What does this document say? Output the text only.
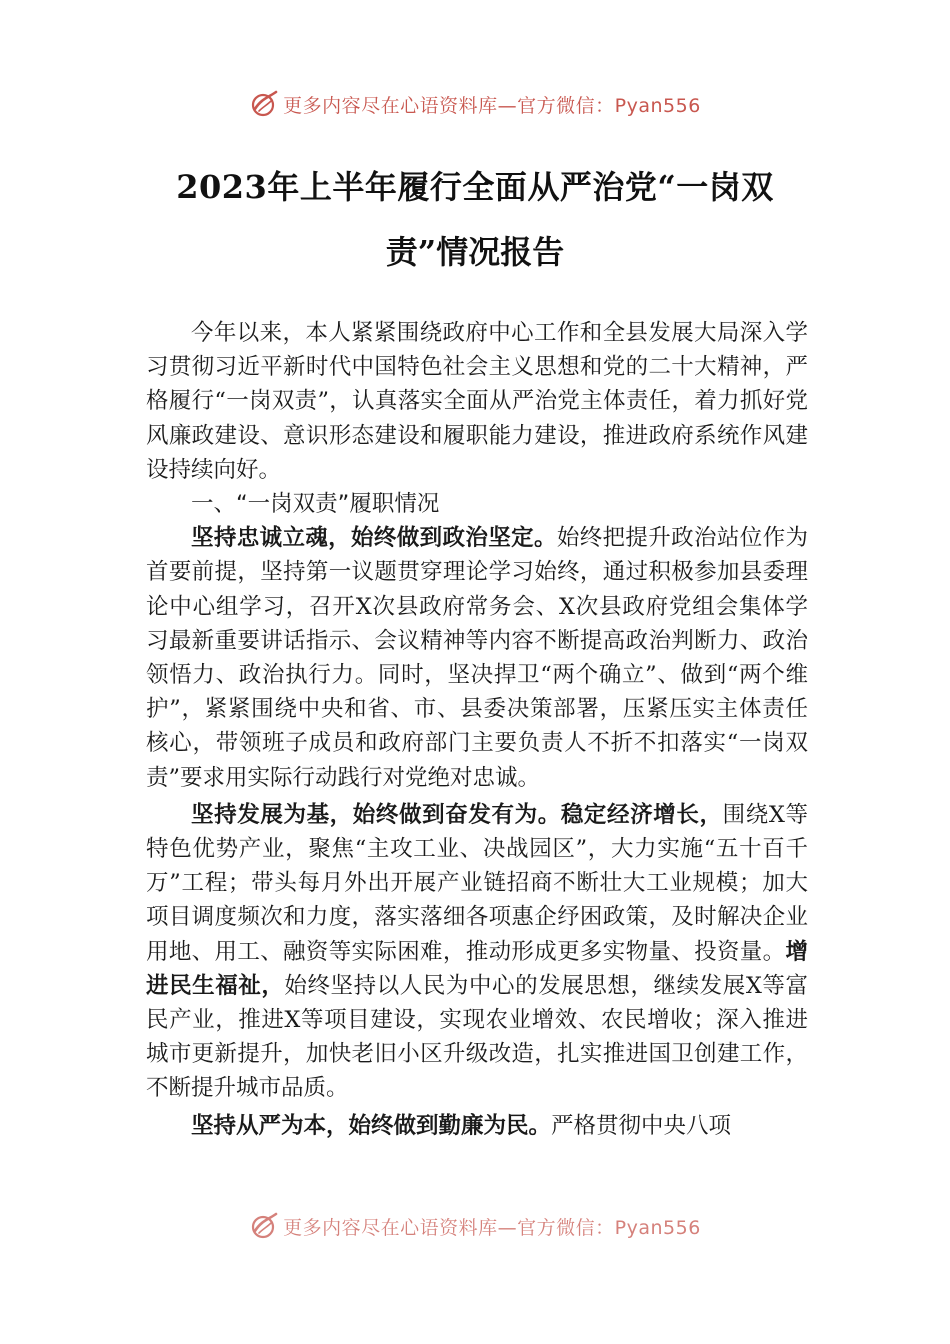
更多内容尽在心语资料库—官方微信：Pyan556
2023年上半年履行全面从严治党“一岗双
责”情况报告

今年以来，本人紧紧围绕政府中心工作和全县发展大局深入学习贯彻习近平新时代中国特色社会主义思想和党的二十大精神，严格履行“一岗双责”，认真落实全面从严治党主体责任，着力抓好党风廉政建设、意识形态建设和履职能力建设，推进政府系统作风建设持续向好。

一、“一岗双责”履职情况

坚持忠诚立魂，始终做到政治坚定。始终把提升政治站位作为首要前提，坚持第一议题贯穿理论学习始终，通过积极参加县委理论中心组学习，召开X次县政府常务会、X次县政府党组会集体学习最新重要讲话指示、会议精神等内容不断提高政治判断力、政治领悟力、政治执行力。同时，坚决捍卫“两个确立”、做到“两个维护”，紧紧围绕中央和省、市、县委决策部署，压紧压实主体责任核心，带领班子成员和政府部门主要负责人不折不扣落实“一岗双责”要求用实际行动践行对党绝对忠诚。

坚持发展为基，始终做到奋发有为。稳定经济增长，围绕X等特色优势产业，聚焦“主攻工业、决战园区”，大力实施“五十百千万”工程；带头每月外出开展产业链招商不断壮大工业规模；加大项目调度频次和力度，落实落细各项惠企纾困政策，及时解决企业用地、用工、融资等实际困难，推动形成更多实物量、投资量。增进民生福祉，始终坚持以人民为中心的发展思想，继续发展X等富民产业，推进X等项目建设，实现农业增效、农民增收；深入推进城市更新提升，加快老旧小区升级改造，扎实推进国卫创建工作，不断提升城市品质。

坚持从严为本，始终做到勤廉为民。严格贯彻中央八项

更多内容尽在心语资料库—官方微信：Pyan556
